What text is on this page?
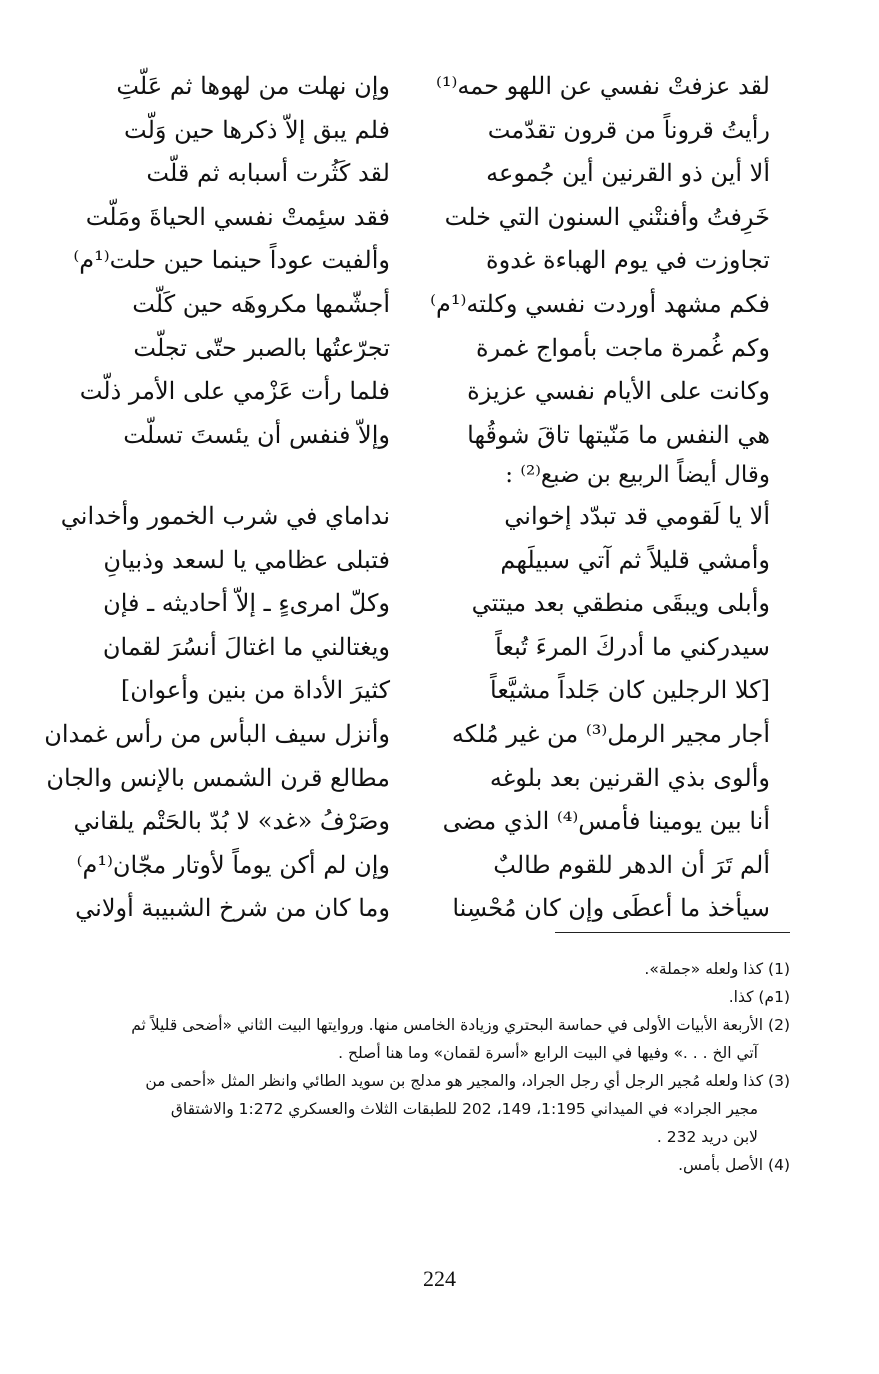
لقد عزفتْ نفسي عن اللهو حمه⁽¹⁾
رأيتُ قروناً من قرون تقدّمت
ألا أين ذو القرنين أين جُموعه
خَرِفتُ وأفنتْني السنون التي خلت
تجاوزت في يوم الهباءة غدوة
فكم مشهد أوردت نفسي وكلته⁽¹م⁾
وكم غُمرة ماجت بأمواج غمرة
وكانت على الأيام نفسي عزيزة
هي النفس ما مَنّيتها تاقَ شوقُها
وإن نهلت من لهوها ثم عَلّتِ
فلم يبق إلاّ ذكرها حين وَلّت
لقد كَثُرت أسبابه ثم قلّت
فقد سئِمتْ نفسي الحياةَ ومَلّت
وألفيت عوداً حينما حين حلت⁽¹م⁾
أجشّمها مكروهَه حين كَلّت
تجرّعتُها بالصبر حتّى تجلّت
فلما رأت عَزْمي على الأمر ذلّت
وإلاّ فنفس أن يئستَ تسلّت
وقال أيضاً الربيع بن ضبع⁽²⁾ :
ألا يا لَقومي قد تبدّد إخواني
وأمشي قليلاً ثم آتي سبيلَهم
وأبلى ويبقَى منطقي بعد ميتتي
سيدركني ما أدركَ المرءَ تُبعاً
[كلا الرجلين كان جَلداً مشيَّعاً
أجار مجير الرمل⁽³⁾ من غير مُلكه
وألوى بذي القرنين بعد بلوغه
أنا بين يومينا فأمس⁽⁴⁾ الذي مضى
ألم تَرَ أن الدهر للقوم طالبٌ
سيأخذ ما أعطَى وإن كان مُحْسِنا
نداماي في شرب الخمور وأخداني
فتبلى عظامي يا لسعد وذبيانِ
وكلّ امرىءٍ ـ إلاّ أحاديثه ـ فإن
ويغتالني ما اغتالَ أنسُرَ لقمان
كثيرَ الأداة من بنين وأعوان]
وأنزل سيف البأس من رأس غمدان
مطالع قرن الشمس بالإنس والجان
وصَرْفُ «غد» لا بُدّ بالحَتْم يلقاني
وإن لم أكن يوماً لأوتار مجّان⁽¹م⁾
وما كان من شرخ الشبيبة أولاني
(1) كذا ولعله «جملة».
(1م) كذا.
(2) الأربعة الأبيات الأولى في حماسة البحتري وزيادة الخامس منها. وروايتها البيت الثاني «أضحى قليلاً ثم
آتي الخ . . .» وفيها في البيت الرابع «أسرة لقمان» وما هنا أصلح .
(3) كذا ولعله مُجير الرجل أي رجل الجراد، والمجير هو مدلج بن سويد الطائي وانظر المثل «أحمى من
مجير الجراد» في الميداني 1:195، 149، 202 للطبقات الثلاث والعسكري 1:272 والاشتقاق
لابن دريد 232 .
(4) الأصل بأمس.
224
